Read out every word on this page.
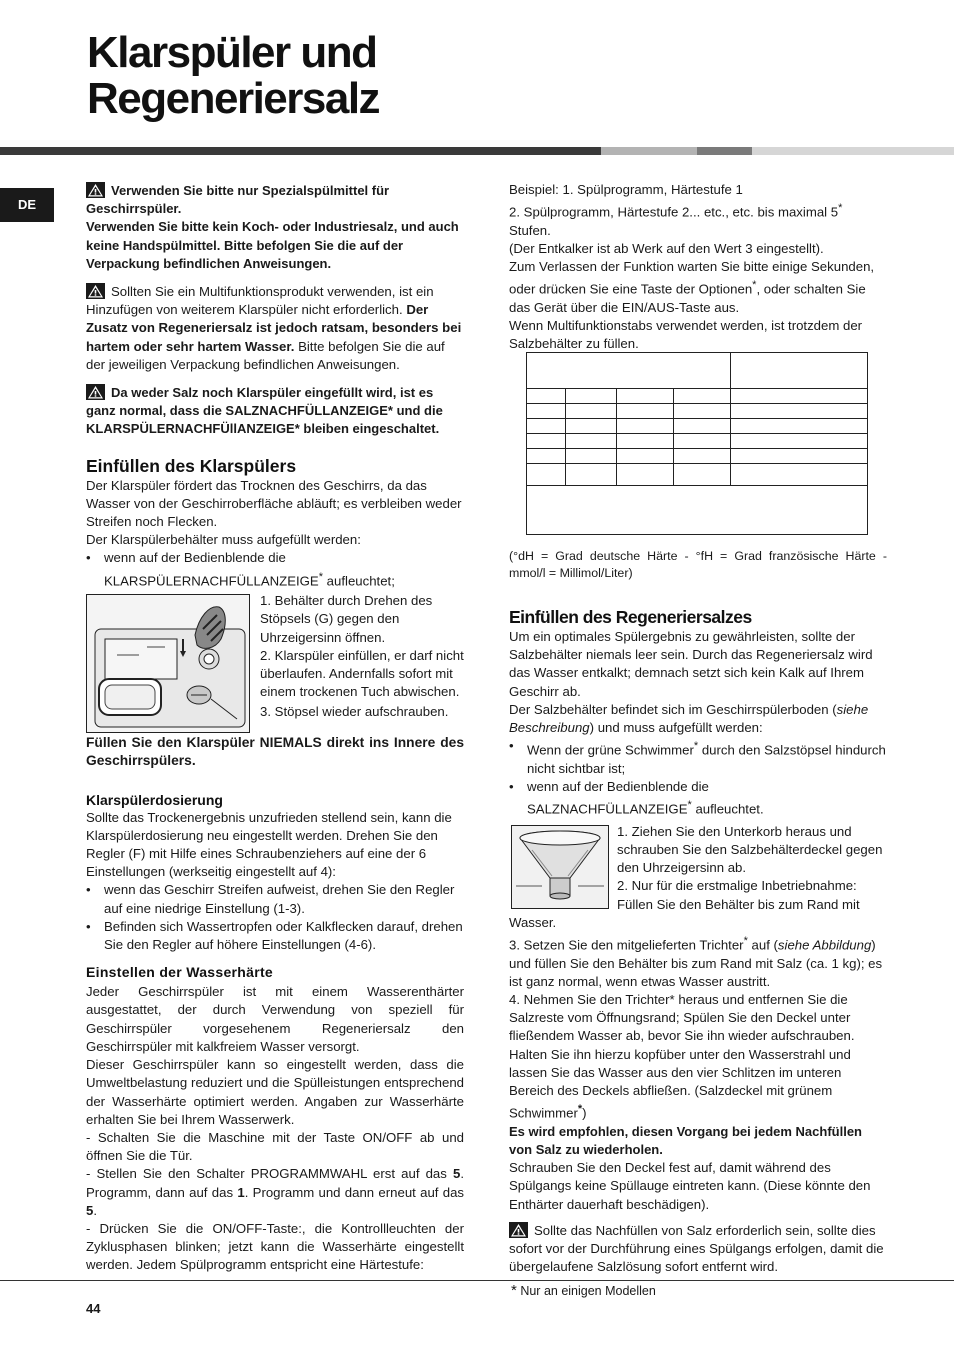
Klarspüler und
Regeneriersalz
DE

Verwenden Sie bitte nur Spezialspülmittel für Geschirrspüler.
Verwenden Sie bitte kein Koch- oder Industriesalz, und auch keine Handspülmittel. Bitte befolgen Sie die auf der Verpackung befindlichen Anweisungen.

Sollten Sie ein Multifunktionsprodukt verwenden, ist ein Hinzufügen von weiterem Klarspüler nicht erforderlich. Der Zusatz von Regeneriersalz ist jedoch ratsam, besonders bei hartem oder sehr hartem Wasser. Bitte befolgen Sie die auf der jeweiligen Verpackung befindlichen Anweisungen.

Da weder Salz noch Klarspüler eingefüllt wird, ist es ganz normal, dass die SALZNACHFÜLLANZEIGE* und die KLARSPÜLERNACHFÜllANZEIGE* bleiben eingeschaltet.

Einfüllen des Klarspülers

Der Klarspüler fördert das Trocknen des Geschirrs, da das Wasser von der Geschirroberfläche abläuft; es verbleiben weder Streifen noch Flecken.

Der Klarspülerbehälter muss aufgefüllt werden:

•	wenn auf der Bedienblende die
KLARSPÜLERNACHFÜLLANZEIGE* aufleuchtet;

1. Behälter durch Drehen des Stöpsels (G) gegen den Uhrzeigersinn öffnen.

2. Klarspüler einfüllen, er darf nicht überlaufen. Andernfalls sofort mit einem trockenen Tuch abwischen.

3. Stöpsel wieder aufschrauben.

Füllen Sie den Klarspüler NIEMALS direkt ins Innere des Geschirrspülers.

Klarspülerdosierung

Sollte das Trockenergebnis unzufrieden stellend sein, kann die Klarspülerdosierung neu eingestellt werden. Drehen Sie den Regler (F) mit Hilfe eines Schraubenziehers auf eine der 6 Einstellungen (werkseitig eingestellt auf 4):

•	wenn das Geschirr Streifen aufweist, drehen Sie den Regler auf eine niedrige Einstellung (1-3).
•	Befinden sich Wassertropfen oder Kalkflecken darauf, drehen Sie den Regler auf höhere Einstellungen (4-6).
Einstellen der Wasserhärte

Jeder Geschirrspüler ist mit einem Wasserenthärter ausgestattet, der durch Verwendung von speziell für Geschirrspüler vorgesehenem Regeneriersalz den Geschirrspüler mit kalkfreiem Wasser versorgt.

Dieser Geschirrspüler kann so eingestellt werden, dass die Umweltbelastung reduziert und die Spülleistungen entsprechend der Wasserhärte optimiert werden. Angaben zur Wasserhärte erhalten Sie bei Ihrem Wasserwerk.

- Schalten Sie die Maschine mit der Taste ON/OFF ab und öffnen Sie die Tür.

- Stellen Sie den Schalter PROGRAMMWAHL erst auf das 5. Programm, dann auf das 1. Programm und dann erneut auf das 5.

- Drücken Sie die ON/OFF-Taste:, die Kontrollleuchten der Zyklusphasen blinken; jetzt kann die Wasserhärte eingestellt werden. Jedem Spülprogramm entspricht eine Härtestufe:

Beispiel: 1. Spülprogramm, Härtestufe 1

2. Spülprogramm, Härtestufe 2... etc., etc. bis maximal 5* Stufen.

(Der Entkalker ist ab Werk auf den Wert 3 eingestellt).

Zum Verlassen der Funktion warten Sie bitte einige Sekunden, oder drücken Sie eine Taste der Optionen*, oder schalten Sie das Gerät über die EIN/AUS-Taste aus.

Wenn Multifunktionstabs verwendet werden, ist trotzdem der Salzbehälter zu füllen.

(°dH = Grad deutsche Härte - °fH = Grad französische Härte - mmol/l = Millimol/Liter)

Einfüllen des Regeneriersalzes

Um ein optimales Spülergebnis zu gewährleisten, sollte der Salzbehälter niemals leer sein. Durch das Regeneriersalz wird das Wasser entkalkt; demnach setzt sich kein Kalk auf Ihrem Geschirr ab.

Der Salzbehälter befindet sich im Geschirrspülerboden (siehe Beschreibung) und muss aufgefüllt werden:

•	Wenn der grüne Schwimmer* durch den Salzstöpsel hindurch nicht sichtbar ist;
•	wenn auf der Bedienblende die
SALZNACHFÜLLANZEIGE* aufleuchtet.

1. Ziehen Sie den Unterkorb heraus und schrauben Sie den Salzbehälterdeckel gegen den Uhrzeigersinn ab.

2. Nur für die erstmalige Inbetriebnahme: Füllen Sie den Behälter bis zum Rand mit Wasser.

3. Setzen Sie den mitgelieferten Trichter* auf (siehe Abbildung) und füllen Sie den Behälter bis zum Rand mit Salz (ca. 1 kg); es ist ganz normal, wenn etwas Wasser austritt.

4. Nehmen Sie den Trichter* heraus und entfernen Sie die Salzreste vom Öffnungsrand; Spülen Sie den Deckel unter fließendem Wasser ab, bevor Sie ihn wieder aufschrauben. Halten Sie ihn hierzu kopfüber unter den Wasserstrahl und lassen Sie das Wasser aus den vier Schlitzen im unteren Bereich des Deckels abfließen. (Salzdeckel mit grünem Schwimmer*)

Es wird empfohlen, diesen Vorgang bei jedem Nachfüllen von Salz zu wiederholen.

Schrauben Sie den Deckel fest auf, damit während des Spülgangs keine Spüllauge eintreten kann. (Diese könnte den Enthärter dauerhaft beschädigen).

Sollte das Nachfüllen von Salz erforderlich sein, sollte dies sofort vor der Durchführung eines Spülgangs erfolgen, damit die übergelaufene Salzlösung sofort entfernt wird.

44
* Nur an einigen Modellen
